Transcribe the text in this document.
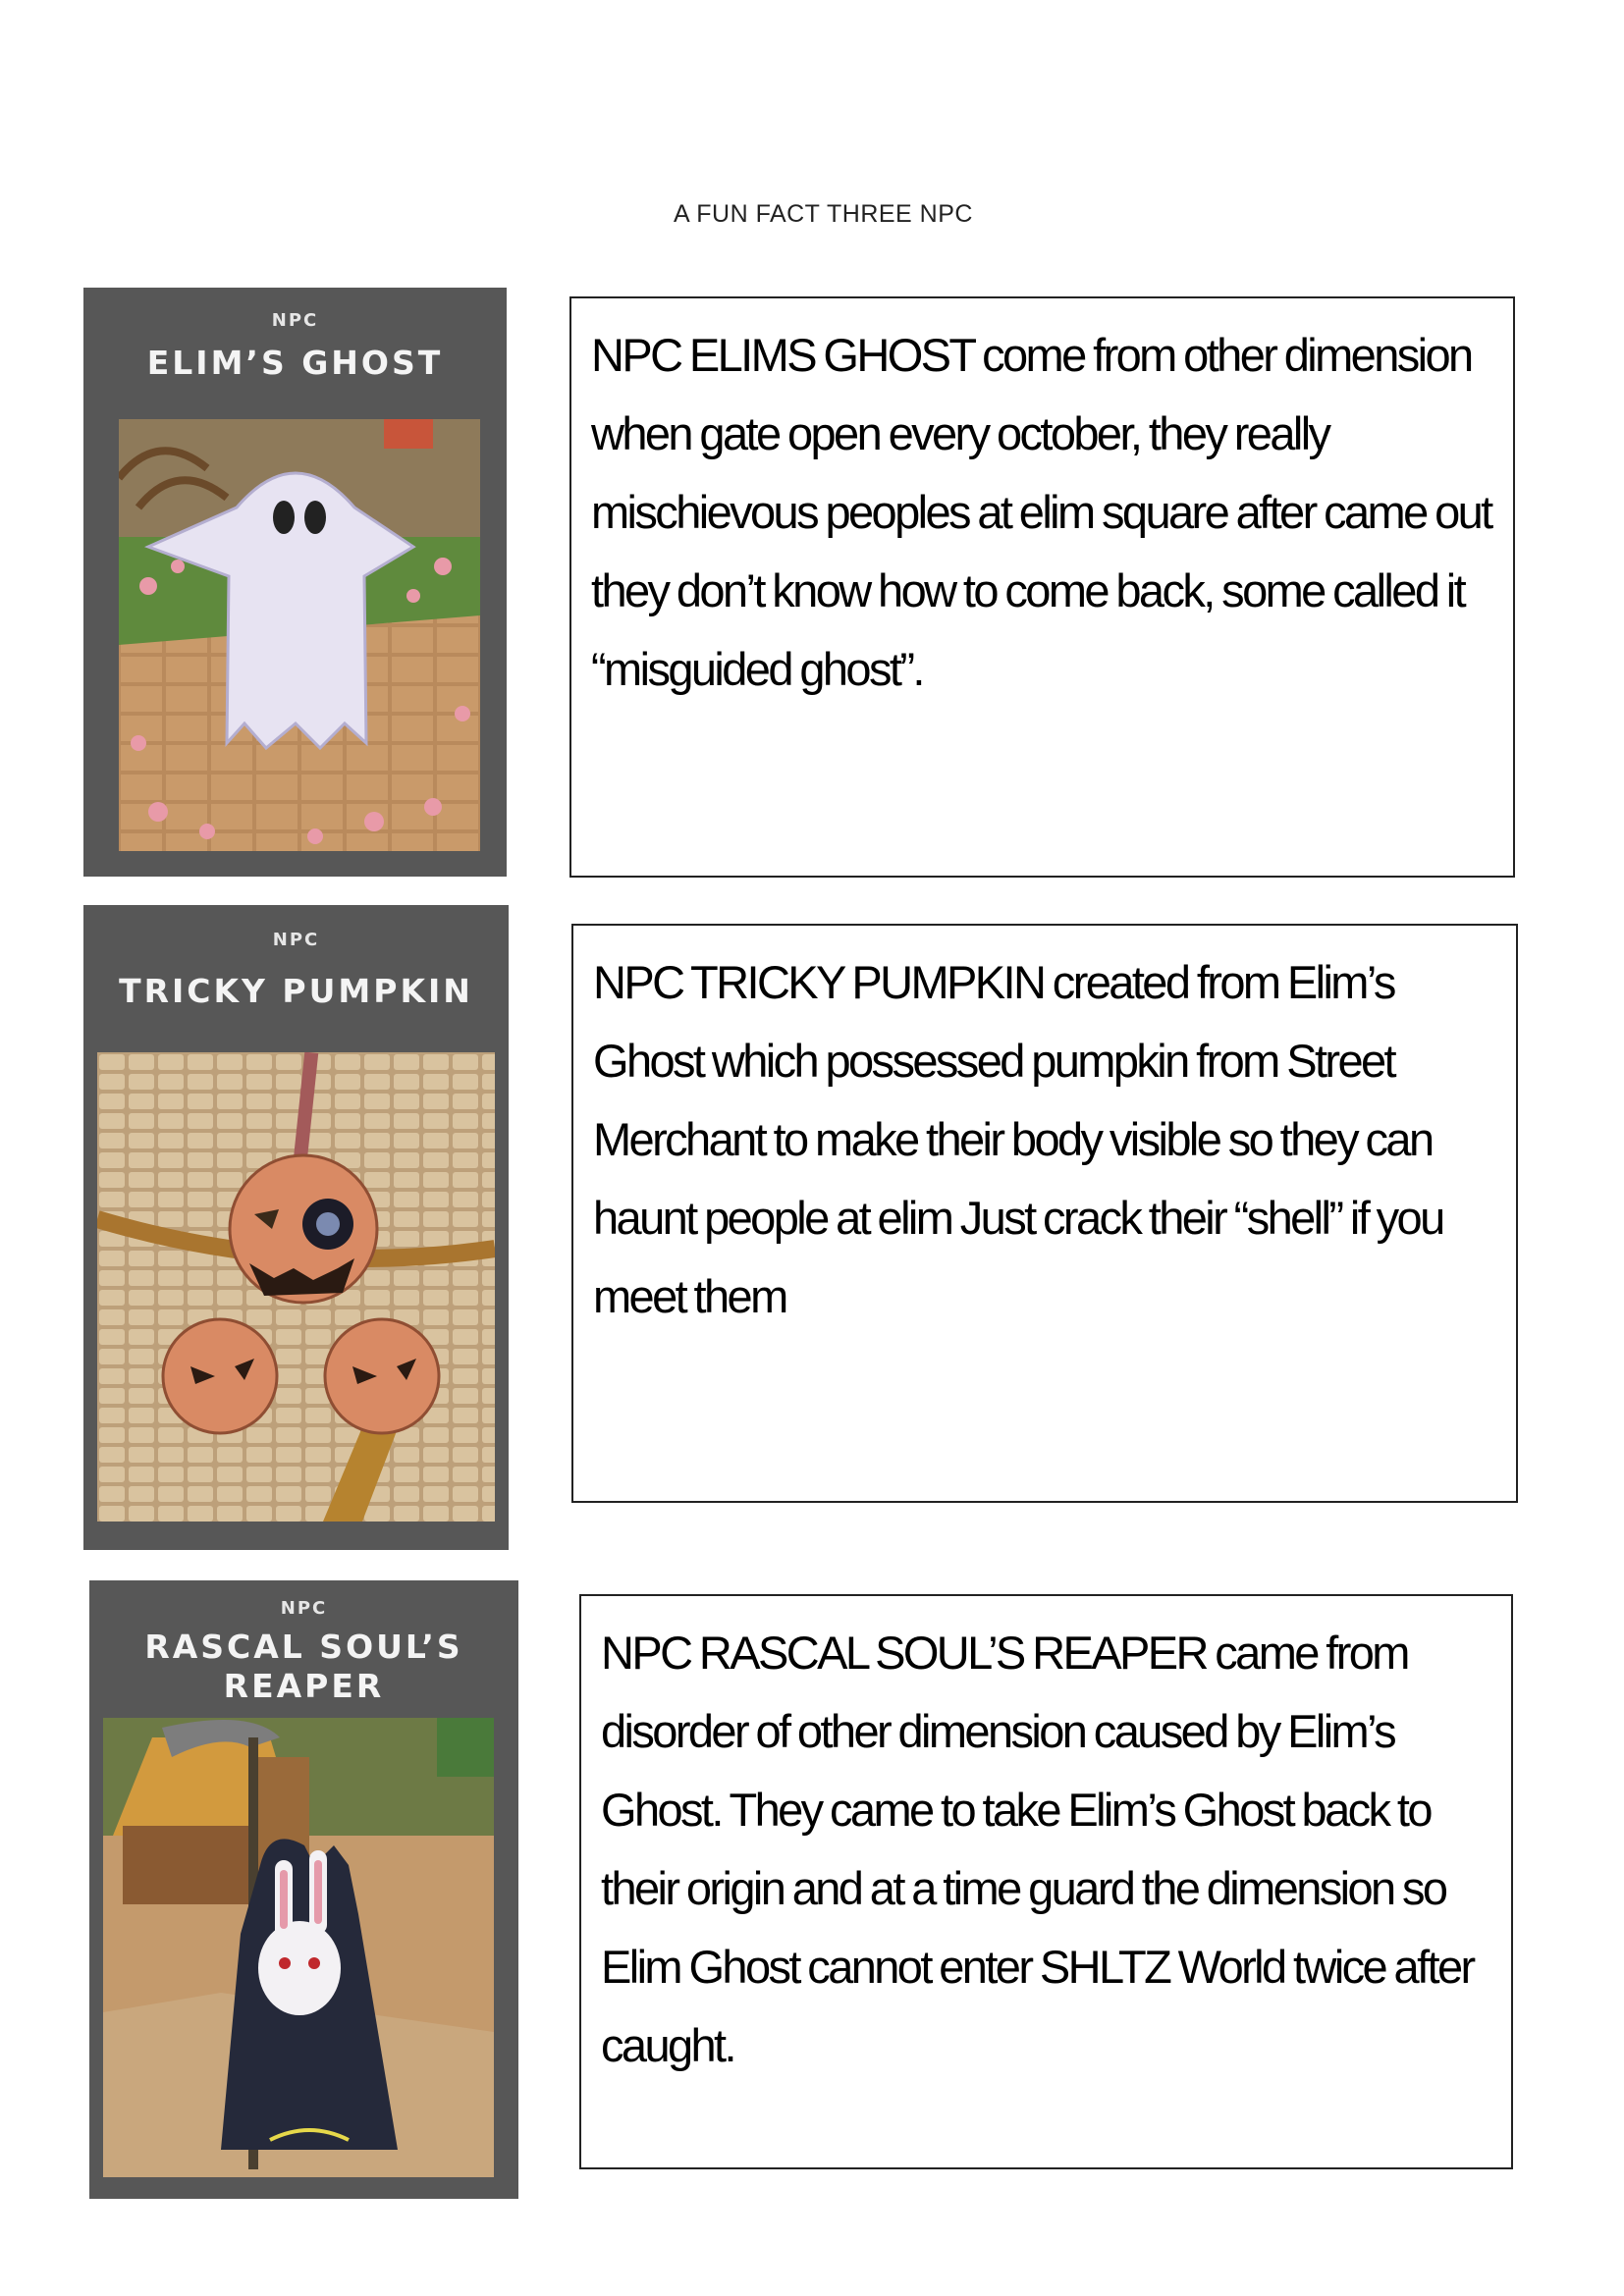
A FUN FACT THREE NPC
NPC
ELIM’S GHOST	NPC ELIMS GHOST come from other dimension when gate open every october, they really mischievous peoples at elim square after came out they don’t know how to come back, some called it “misguided ghost”.

NPC
TRICKY PUMPKIN	NPC TRICKY PUMPKIN created from Elim’s Ghost which possessed pumpkin from Street Merchant to make their body visible so they can haunt people at elim Just crack their “shell” if you meet them

NPC
RASCAL SOUL’S
REAPER

NPC RASCAL SOUL’S REAPER came from disorder of other dimension caused by Elim’s Ghost. They came to take Elim’s Ghost back to their origin and at a time guard the dimension so Elim Ghost cannot enter SHLTZ World twice after caught.
